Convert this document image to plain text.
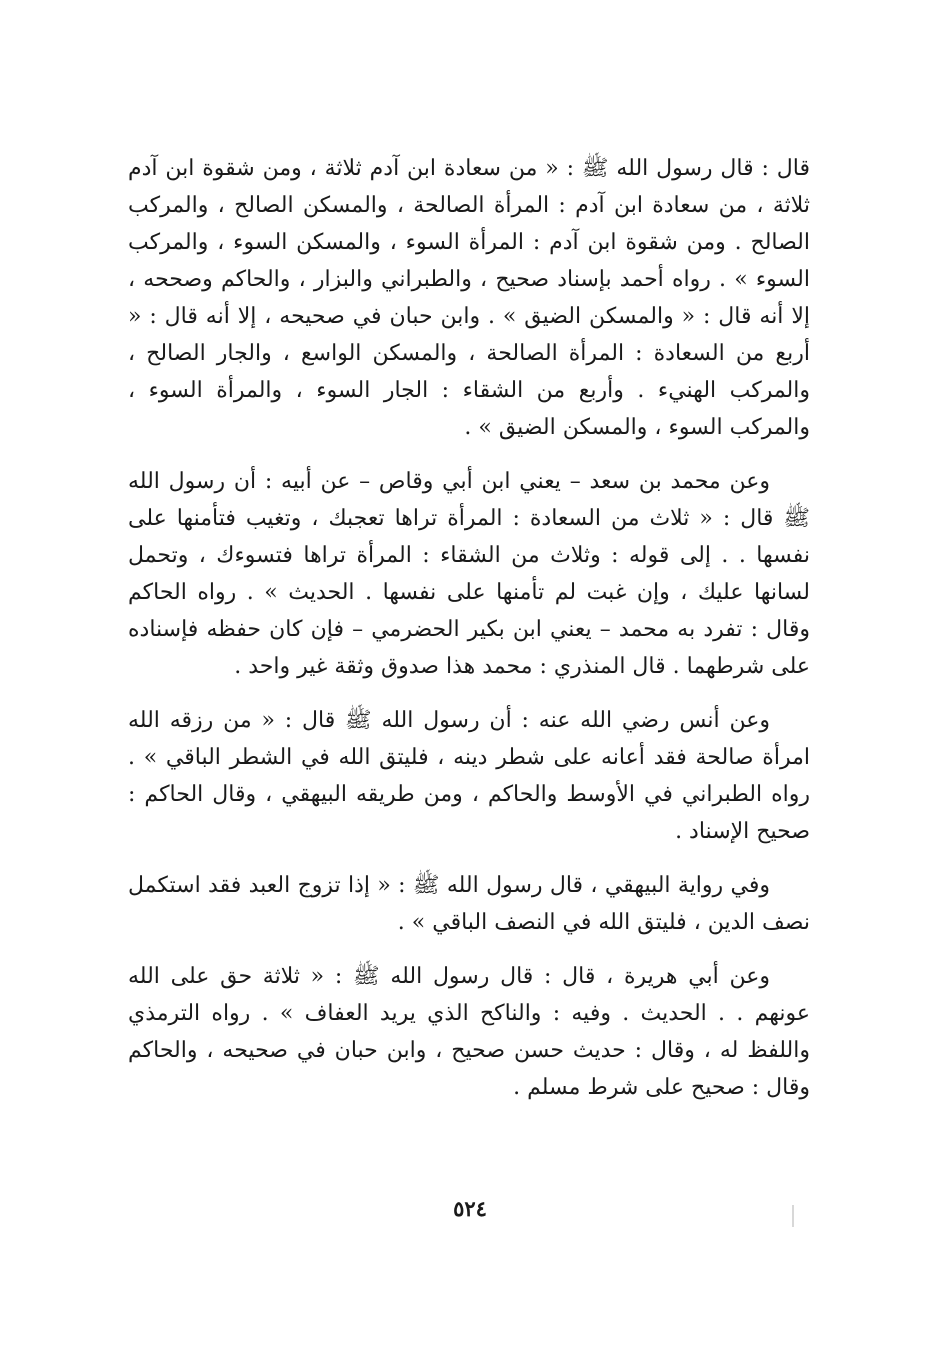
قال : قال رسول الله ﷺ : « من سعادة ابن آدم ثلاثة ، ومن شقوة ابن آدم ثلاثة ، من سعادة ابن آدم : المرأة الصالحة ، والمسكن الصالح ، والمركب الصالح . ومن شقوة ابن آدم : المرأة السوء ، والمسكن السوء ، والمركب السوء » . رواه أحمد بإسناد صحيح ، والطبراني والبزار ، والحاكم وصححه ، إلا أنه قال : « والمسكن الضيق » . وابن حبان في صحيحه ، إلا أنه قال : « أربع من السعادة : المرأة الصالحة ، والمسكن الواسع ، والجار الصالح ، والمركب الهنيء . وأربع من الشقاء : الجار السوء ، والمرأة السوء ، والمركب السوء ، والمسكن الضيق » .

وعن محمد بن سعد – يعني ابن أبي وقاص – عن أبيه : أن رسول الله ﷺ قال : « ثلاث من السعادة : المرأة تراها تعجبك ، وتغيب فتأمنها على نفسها . . إلى قوله : وثلاث من الشقاء : المرأة تراها فتسوءك ، وتحمل لسانها عليك ، وإن غبت لم تأمنها على نفسها . الحديث » . رواه الحاكم وقال : تفرد به محمد – يعني ابن بكير الحضرمي – فإن كان حفظه فإسناده على شرطهما . قال المنذري : محمد هذا صدوق وثقة غير واحد .

وعن أنس رضي الله عنه : أن رسول الله ﷺ قال : « من رزقه الله امرأة صالحة فقد أعانه على شطر دينه ، فليتق الله في الشطر الباقي » . رواه الطبراني في الأوسط والحاكم ، ومن طريقه البيهقي ، وقال الحاكم : صحيح الإسناد .

وفي رواية البيهقي ، قال رسول الله ﷺ : « إذا تزوج العبد فقد استكمل نصف الدين ، فليتق الله في النصف الباقي » .

وعن أبي هريرة ، قال : قال رسول الله ﷺ : « ثلاثة حق على الله عونهم . . الحديث . وفيه : والناكح الذي يريد العفاف » . رواه الترمذي واللفظ له ، وقال : حديث حسن صحيح ، وابن حبان في صحيحه ، والحاكم وقال : صحيح على شرط مسلم .

٥٢٤
